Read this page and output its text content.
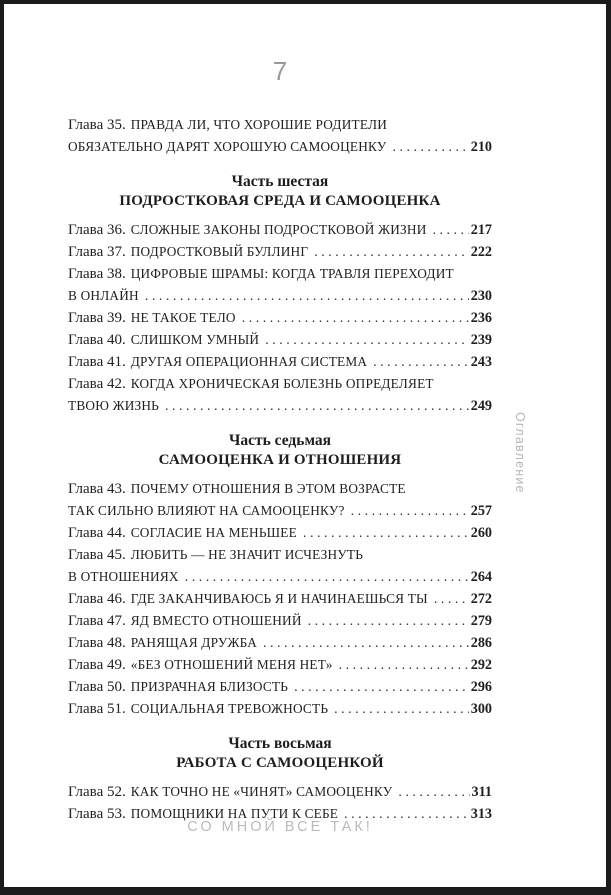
7
Глава 35. ПРАВДА ЛИ, ЧТО ХОРОШИЕ РОДИТЕЛИ
ОБЯЗАТЕЛЬНО ДАРЯТ ХОРОШУЮ САМООЦЕНКУ . . .	210
Часть шестая
ПОДРОСТКОВАЯ СРЕДА И САМООЦЕНКА
Глава 36. СЛОЖНЫЕ ЗАКОНЫ ПОДРОСТКОВОЙ ЖИЗНИ . . .	217
Глава 37. ПОДРОСТКОВЫЙ БУЛЛИНГ . . .	222
Глава 38. ЦИФРОВЫЕ ШРАМЫ: КОГДА ТРАВЛЯ ПЕРЕХОДИТ
В ОНЛАЙН . . .	230
Глава 39. НЕ ТАКОЕ ТЕЛО . . .	236
Глава 40. СЛИШКОМ УМНЫЙ . . .	239
Глава 41. ДРУГАЯ ОПЕРАЦИОННАЯ СИСТЕМА . . .	243
Глава 42. КОГДА ХРОНИЧЕСКАЯ БОЛЕЗНЬ ОПРЕДЕЛЯЕТ
ТВОЮ ЖИЗНЬ . . .	249
Часть седьмая
САМООЦЕНКА И ОТНОШЕНИЯ
Глава 43. ПОЧЕМУ ОТНОШЕНИЯ В ЭТОМ ВОЗРАСТЕ
ТАК СИЛЬНО ВЛИЯЮТ НА САМООЦЕНКУ? . . .	257
Глава 44. СОГЛАСИЕ НА МЕНЬШЕЕ . . .	260
Глава 45. ЛЮБИТЬ — НЕ ЗНАЧИТ ИСЧЕЗНУТЬ
В ОТНОШЕНИЯХ . . .	264
Глава 46. ГДЕ ЗАКАНЧИВАЮСЬ Я И НАЧИНАЕШЬСЯ ТЫ . . .	272
Глава 47. ЯД ВМЕСТО ОТНОШЕНИЙ . . .	279
Глава 48. РАНЯЩАЯ ДРУЖБА . . .	286
Глава 49. «БЕЗ ОТНОШЕНИЙ МЕНЯ НЕТ» . . .	292
Глава 50. ПРИЗРАЧНАЯ БЛИЗОСТЬ . . .	296
Глава 51. СОЦИАЛЬНАЯ ТРЕВОЖНОСТЬ . . .	300
Часть восьмая
РАБОТА С САМООЦЕНКОЙ
Глава 52. КАК ТОЧНО НЕ «ЧИНЯТ» САМООЦЕНКУ . . .	311
Глава 53. ПОМОЩНИКИ НА ПУТИ К СЕБЕ . . .	313
СО МНОЙ ВСЕ ТАК!
Оглавление
